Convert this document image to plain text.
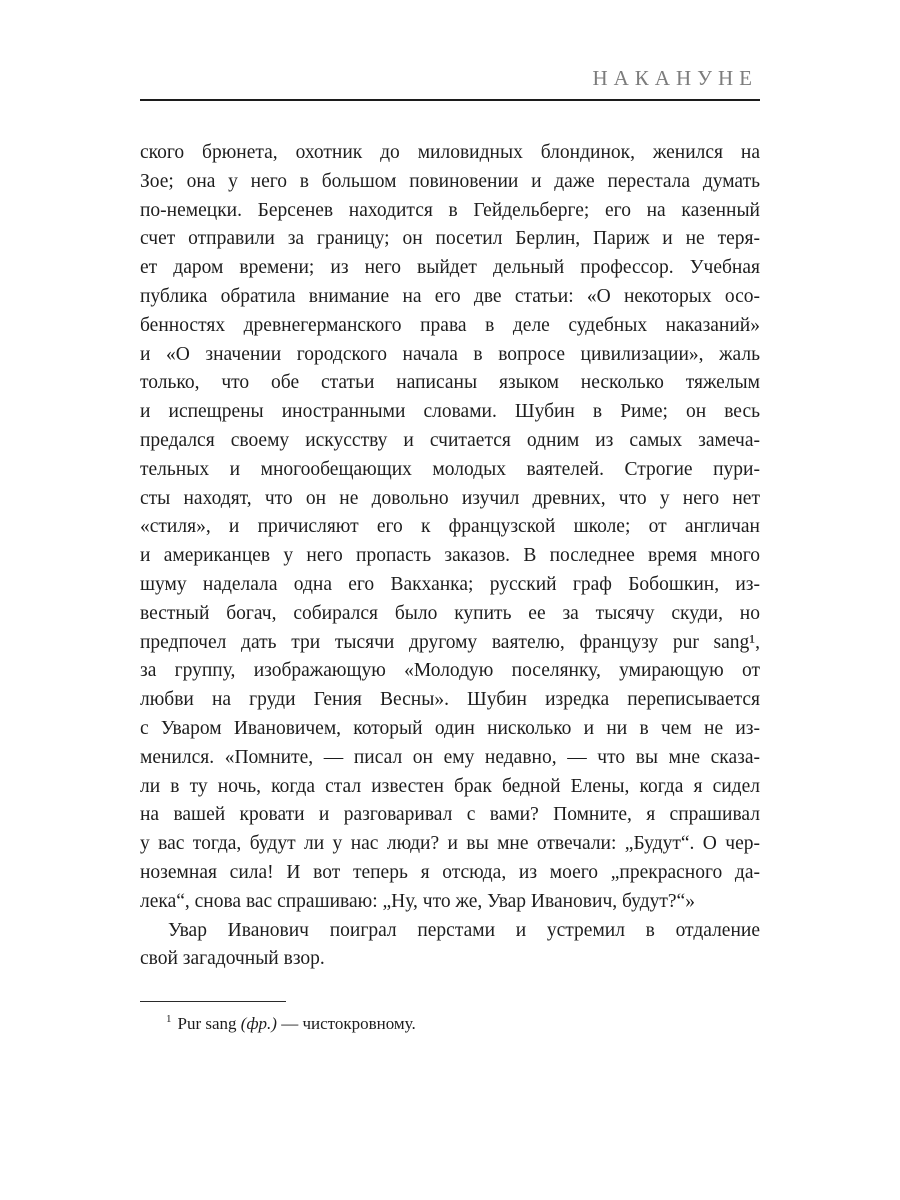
НАКАНУНЕ
ского брюнета, охотник до миловидных блондинок, женился на
Зое; она у него в большом повиновении и даже перестала думать
по-немецки. Берсенев находится в Гейдельберге; его на казенный
счет отправили за границу; он посетил Берлин, Париж и не теря-
ет даром времени; из него выйдет дельный профессор. Учебная
публика обратила внимание на его две статьи: «О некоторых осо-
бенностях древнегерманского права в деле судебных наказаний»
и «О значении городского начала в вопросе цивилизации», жаль
только, что обе статьи написаны языком несколько тяжелым
и испещрены иностранными словами. Шубин в Риме; он весь
предался своему искусству и считается одним из самых замеча-
тельных и многообещающих молодых ваятелей. Строгие пури-
сты находят, что он не довольно изучил древних, что у него нет
«стиля», и причисляют его к французской школе; от англичан
и американцев у него пропасть заказов. В последнее время много
шуму наделала одна его Вакханка; русский граф Бобошкин, из-
вестный богач, собирался было купить ее за тысячу скуди, но
предпочел дать три тысячи другому ваятелю, французу pur sang¹,
за группу, изображающую «Молодую поселянку, умирающую от
любви на груди Гения Весны». Шубин изредка переписывается
с Уваром Ивановичем, который один нисколько и ни в чем не из-
менился. «Помните, — писал он ему недавно, — что вы мне сказа-
ли в ту ночь, когда стал известен брак бедной Елены, когда я сидел
на вашей кровати и разговаривал с вами? Помните, я спрашивал
у вас тогда, будут ли у нас люди? и вы мне отвечали: „Будут“. О чер-
ноземная сила! И вот теперь я отсюда, из моего „прекрасного да-
лека“, снова вас спрашиваю: „Ну, что же, Увар Иванович, будут?“»
Увар Иванович поиграл перстами и устремил в отдаление
свой загадочный взор.
$^1$ Pur sang (фр.) — чистокровному.
